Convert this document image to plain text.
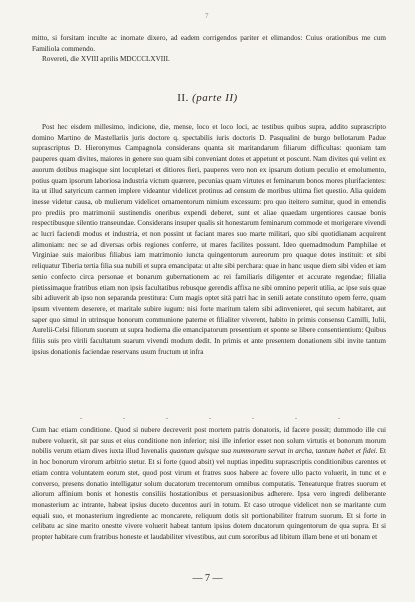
7

mitto, si forsitam inculte ac inornate dixero, ad eadem corrigendos pariter et elimandos: Cuius orationibus me cum Familiola commendo.

Rovereti, die XVIII aprilis MDCCCLXVIII.

II. (parte II)

Post hec eisdem millesimo, indicione, die, mense, loco et loco loci, ac testibus quibus supra, addito suprascripto domino Martino de Mastellariis juris doctore q. spectabilis iuris doctoris D. Pasqualini de burgo bellotarum Padue suprascriptus D. Hieronymus Campagnola considerans quanta sit maritandarum filiarum difficultas: quoniam tam pauperes quam divites, maiores in genere suo quam sibi conveniant dotes et appetunt et poscunt. Nam divites qui velint ex auorum dotibus magisque sint locupletari et ditiores fieri, pauperes vero non ex ipsarum dotium peculio et emolumento, potius quam ipsorum laboriosa industria victum quærere, pecunias quam virtutes et feminarum bonos mores plurifacientes: ita ut illud satyricum carmen implere videantur videlicet protinus ad censum de moribus ultima fiet questio. Alia quidem inesse videtur causa, ob mulierum videlicet ornamentorum nimium excessum: pro quo iteitero sumitur, quod in emendis pro prediis pro matrimonii sustinendis oneribus expendi deberet, sunt et aliae quaedam urgentiores causae bonis respectibusque silentio transeundae. Considerans insuper qualis sit honestarum feminarum commode et morigerare vivendi ac lucri faciendi modus et industria, et non possint ut faciant mares suo marte militari, quo sibi quotidianam acquirent alimoniam: nec se ad diversas orbis regiones conferre, ut mares facilites possunt. Ideo quemadmodum Pamphilae et Virginiae suis maioribus filiabus iam matrimonio iuncta quingentorum aureorum pro quaque dotes instituit: et sibi reliquatur Tiberia tertia filia sua nubili et supra emancipata: ut alte sibi perchara: quae in hanc usque diem sibi video et iam senio confecto circa personae et bonarum gubernationem ac rei familiaris diligenter et accurate regendae; filialia pietissimaque fratribus etiam non ipsis facultatibus rebusque gerendis affixa ne sibi omnino peperit utilia, ac ipse suis quae sibi adiuverit ab ipso non separanda prestitura: Cum magis optet sitä patri hac in senili aetate constituto opem ferre, quam ipsum viventem deserere, et maritale subire iugum: nisi forte maritum talem sibi adinvenieret, qui secum habitaret, aut saper quo simul in utrinsque honorum communione paterne et filialiter viverent, habito in primis consensu Camilli, Iulii, Aurelii-Celsi filiorum suorum ut supra hodierna die emancipatorum presentium et sponte se libere consentientium: Quibus filiis suis pro virili facultatum suarum vivendi modum dedit. In primis et ante presentem donationem sibi invite tantum ipsius donationis faciendae reservans usum fructum ut infra

.	.	.	.	.	.	.

Cum hac etiam conditione. Quod si nubere decreverit post mortem patris donatoris, id facere possit; dummodo ille cui nubere voluerit, sit par suus et eius conditione non inferior; nisi ille inferior esset non solum virtutis et bonorum morum nobilis verum etiam dives iuxta illud Iuvenalis quantum quisque sua nummorum servat in archa, tantum habet et fidei. Et in hoc bonorum virorum arbitrio stetur. Et si forte (quod absit) vel nuptias inpeditu suprascriptis conditionibus carentes et etiam contra voluntatem eorum stet, quod post virum et fratres suos habere ac fovere ullo pacto voluerit, in tunc et e converso, presens donatio intelligatur solum ducatorum trecentorum omnibus computatis. Teneaturque fratres suorum et aliorum affinium bonis et honestis consiliis hostationibus et persuasionibus adherere. Ipsa vero ingredi deliberante monasterium ac intrante, habeat ipsius duceto ducentos auri in totum. Et caso utroque videlicet non se maritante cum equali suo, et monasterium ingrediente ac moncarete, reliquum dotis sit portionabiliter fratrum suorum. Et si forte in celibatu ac sine marito onestte vivere voluerit habeat tantum ipsius dotem ducatorum quingentorum de qua supra. Et si propter habitare cum fratribus honeste et laudabiliter vivestibus, aut cum sororibus ad libitum illam bene et uti bonam et

— 7 —
